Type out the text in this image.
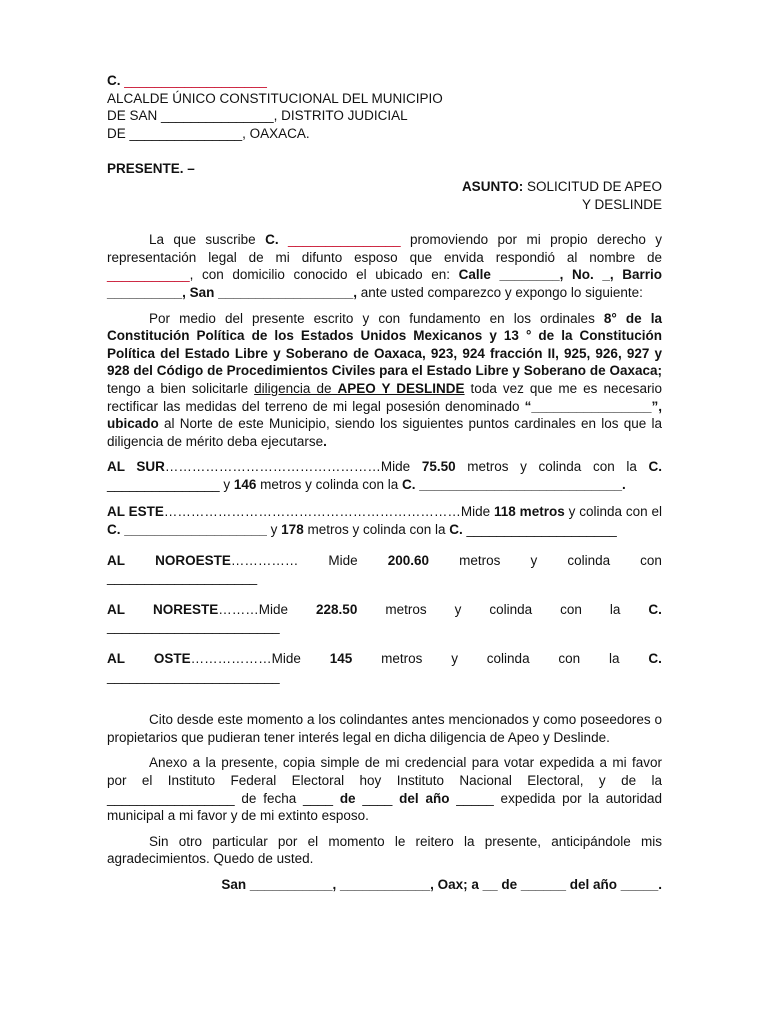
C. ___________________

ALCALDE ÚNICO CONSTITUCIONAL DEL MUNICIPIO

DE SAN _______________, DISTRITO JUDICIAL

DE _______________, OAXACA.

PRESENTE. –

ASUNTO: SOLICITUD DE APEO

Y DESLINDE

La que suscribe C. _______________ promoviendo por mi propio derecho y representación legal de mi difunto esposo que envida respondió al nombre de ___________, con domicilio conocido el ubicado en: Calle ________, No. _, Barrio __________, San __________________, ante usted comparezco y expongo lo siguiente:

Por medio del presente escrito y con fundamento en los ordinales 8° de la Constitución Política de los Estados Unidos Mexicanos y 13 ° de la Constitución Política del Estado Libre y Soberano de Oaxaca, 923, 924 fracción II, 925, 926, 927 y 928 del Código de Procedimientos Civiles para el Estado Libre y Soberano de Oaxaca; tengo a bien solicitarle diligencia de APEO Y DESLINDE toda vez que me es necesario rectificar las medidas del terreno de mi legal posesión denominado “________________”, ubicado al Norte de este Municipio, siendo los siguientes puntos cardinales en los que la diligencia de mérito deba ejecutarse.

AL SUR…………………………………………Mide 75.50 metros y colinda con la C. _______________ y 146 metros y colinda con la C. ___________________________.

AL ESTE…………………………………………………………Mide 118 metros y colinda con el C. ___________________ y 178 metros y colinda con la C. ____________________

AL NOROESTE…………… Mide 200.60 metros y colinda con

____________________

AL NORESTE………Mide 228.50 metros y colinda con la C.

_______________________

AL OSTE………………Mide 145 metros y colinda con la C.

_______________________

Cito desde este momento a los colindantes antes mencionados y como poseedores o propietarios que pudieran tener interés legal en dicha diligencia de Apeo y Deslinde.

Anexo a la presente, copia simple de mi credencial para votar expedida a mi favor por el Instituto Federal Electoral hoy Instituto Nacional Electoral, y de la _________________ de fecha ____ de ____ del año _____ expedida por la autoridad municipal a mi favor y de mi extinto esposo.

Sin otro particular por el momento le reitero la presente, anticipándole mis agradecimientos. Quedo de usted.

San ___________, ____________, Oax; a __ de ______ del año _____.
